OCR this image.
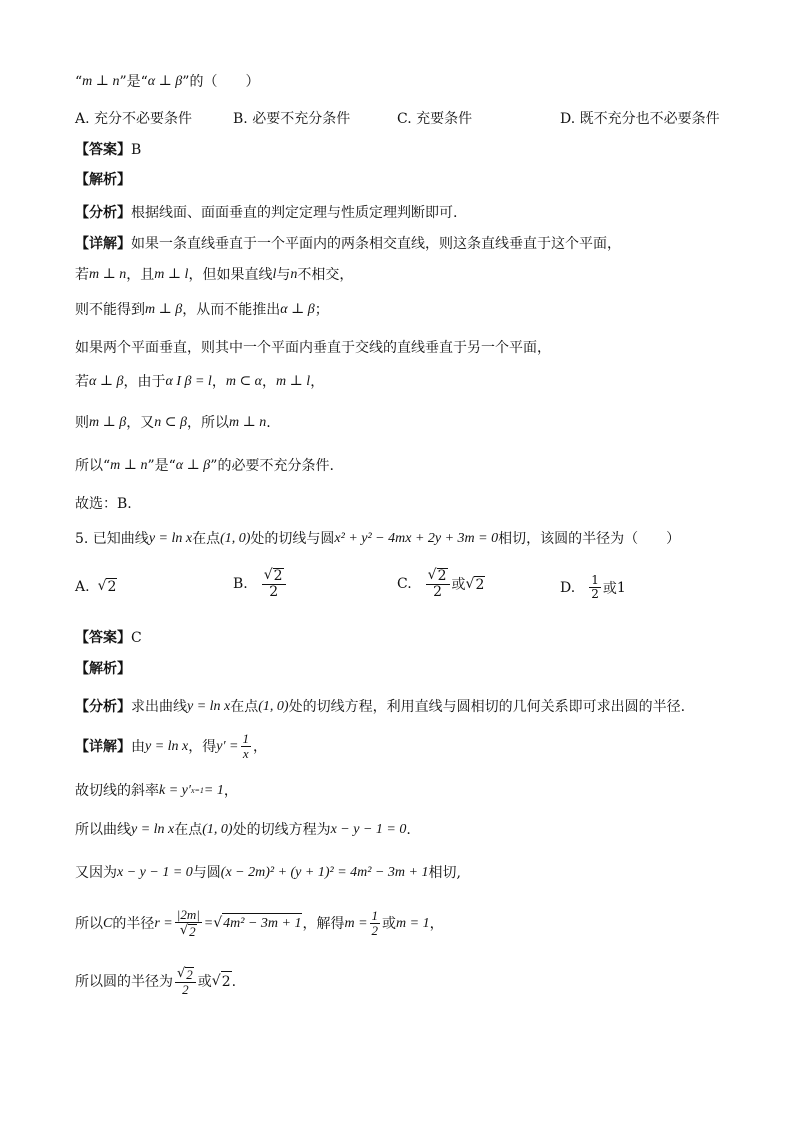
“ m ⊥ n ”是“ α ⊥ β ”的（　　）
A. 充分不必要条件	B. 必要不充分条件	C. 充要条件	D. 既不充分也不必要条件
【答案】 B
【解析】
【分析】 根据线面、面面垂直的判定定理与性质定理判断即可.
【详解】 如果一条直线垂直于一个平面内的两条相交直线，则这条直线垂直于这个平面，
若 m ⊥ n ，且 m ⊥ l ，但如果直线 l 与 n 不相交，
则不能得到 m ⊥ β ，从而不能推出 α ⊥ β ；
如果两个平面垂直，则其中一个平面内垂直于交线的直线垂直于另一个平面，
若 α ⊥ β ，由于 α I β = l ， m ⊂ α ， m ⊥ l ，
则 m ⊥ β ，又 n ⊂ β ，所以 m ⊥ n .
所以“ m ⊥ n ”是“ α ⊥ β ”的必要不充分条件.
故选：B.
5. 已知曲线 y = ln x 在点 (1, 0) 处的切线与圆 x² + y² − 4mx + 2y + 3m = 0 相切，该圆的半径为（　　）
A. √ 2	B. $\frac{√ 2}{2}$	C. $\frac{√ 2}{2}$ 或 √ 2	D. $\frac{1}{2}$ 或 1
【答案】 C
【解析】
【分析】 求出曲线 y = ln x 在点 (1, 0) 处的切线方程，利用直线与圆相切的几何关系即可求出圆的半径.
【详解】 由 y = ln x ，得 $y' = \frac{1}{x}$ ，
故切线的斜率 k = y′ x=1 = 1 ，
所以曲线 y = ln x 在点 (1, 0) 处的切线方程为 x − y − 1 = 0 .
又因为 x − y − 1 = 0 与圆 (x − 2m)² + (y + 1)² = 4m² − 3m + 1 相切,
所以 C 的半径 $r = \frac{|2m|}{√ 2}$ = √ 4m² − 3m + 1 ，解得 $m = \frac{1}{2}$ 或 m = 1 ，
所以圆的半径为 $\frac{√ 2}{2}$ 或 √ 2 .
